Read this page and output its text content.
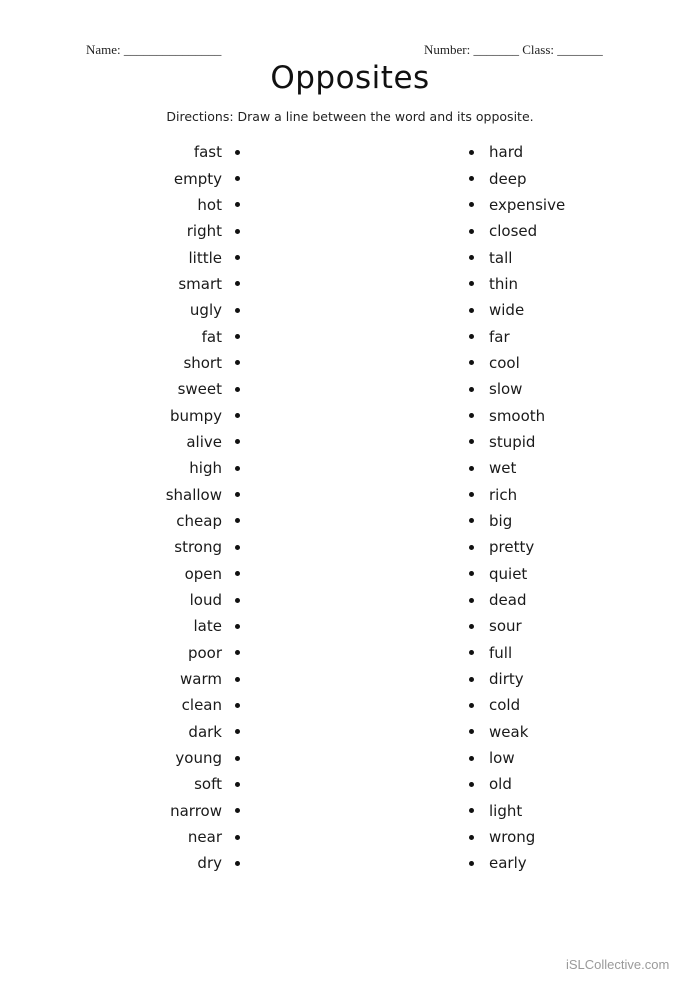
Name: _______________	Number: _______ Class: _______
Opposites
Directions: Draw a line between the word and its opposite.
fast
empty
hot
right
little
smart
ugly
fat
short
sweet
bumpy
alive
high
shallow
cheap
strong
open
loud
late
poor
warm
clean
dark
young
soft
narrow
near
dry
hard
deep
expensive
closed
tall
thin
wide
far
cool
slow
smooth
stupid
wet
rich
big
pretty
quiet
dead
sour
full
dirty
cold
weak
low
old
light
wrong
early
iSLCollective.com
